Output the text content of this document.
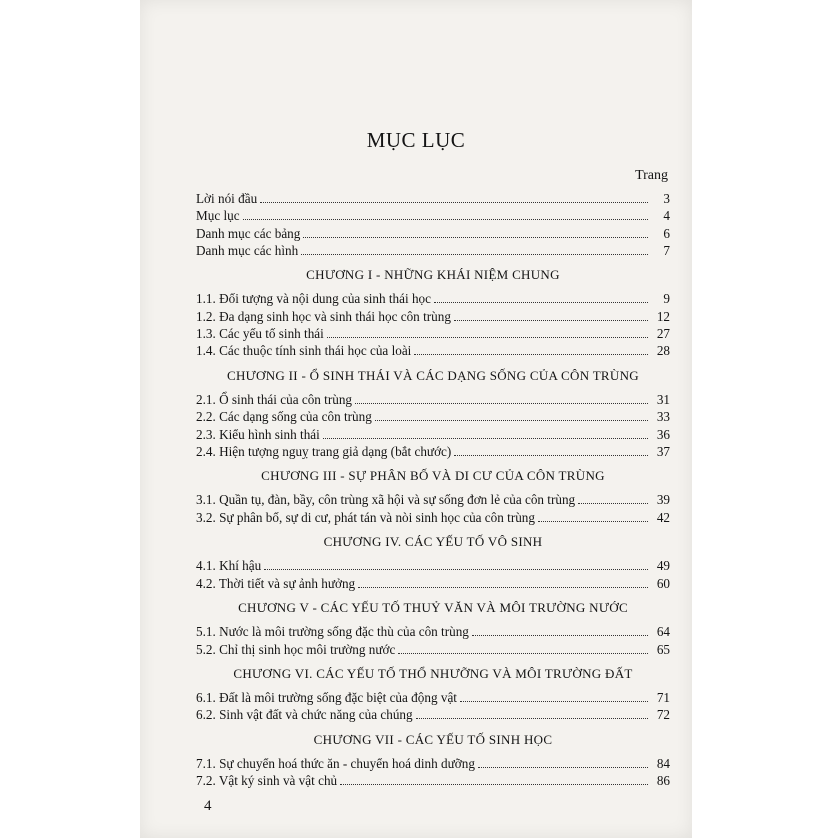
MỤC LỤC
Trang
Lời nói đầu	3
Mục lục	4
Danh mục các bảng	6
Danh mục các hình	7
CHƯƠNG I - NHỮNG KHÁI NIỆM CHUNG
1.1. Đối tượng và nội dung của sinh thái học	9
1.2. Đa dạng sinh học và sinh thái học côn trùng	12
1.3. Các yếu tố sinh thái	27
1.4. Các thuộc tính sinh thái học của loài	28
CHƯƠNG II - Ổ SINH THÁI VÀ CÁC DẠNG SỐNG CỦA CÔN TRÙNG
2.1. Ổ sinh thái của côn trùng	31
2.2. Các dạng sống của côn trùng	33
2.3. Kiểu hình sinh thái	36
2.4. Hiện tượng nguỵ trang giả dạng (bắt chước)	37
CHƯƠNG III - SỰ PHÂN BỐ VÀ DI CƯ CỦA CÔN TRÙNG
3.1. Quần tụ, đàn, bầy, côn trùng xã hội và sự sống đơn lẻ của côn trùng	39
3.2. Sự phân bố, sự di cư, phát tán và nòi sinh học của côn trùng	42
CHƯƠNG IV. CÁC YẾU TỐ VÔ SINH
4.1. Khí hậu	49
4.2. Thời tiết và sự ảnh hưởng	60
CHƯƠNG V - CÁC YẾU TỐ THUỶ VĂN VÀ MÔI TRƯỜNG NƯỚC
5.1. Nước là môi trường sống đặc thù của côn trùng	64
5.2. Chỉ thị sinh học môi trường nước	65
CHƯƠNG VI. CÁC YẾU TỐ THỔ NHƯỠNG VÀ MÔI TRƯỜNG ĐẤT
6.1. Đất là môi trường sống đặc biệt của động vật	71
6.2. Sinh vật đất và chức năng của chúng	72
CHƯƠNG VII - CÁC YẾU TỐ SINH HỌC
7.1. Sự chuyển hoá thức ăn - chuyển hoá dinh dưỡng	84
7.2. Vật ký sinh và vật chủ	86
4
